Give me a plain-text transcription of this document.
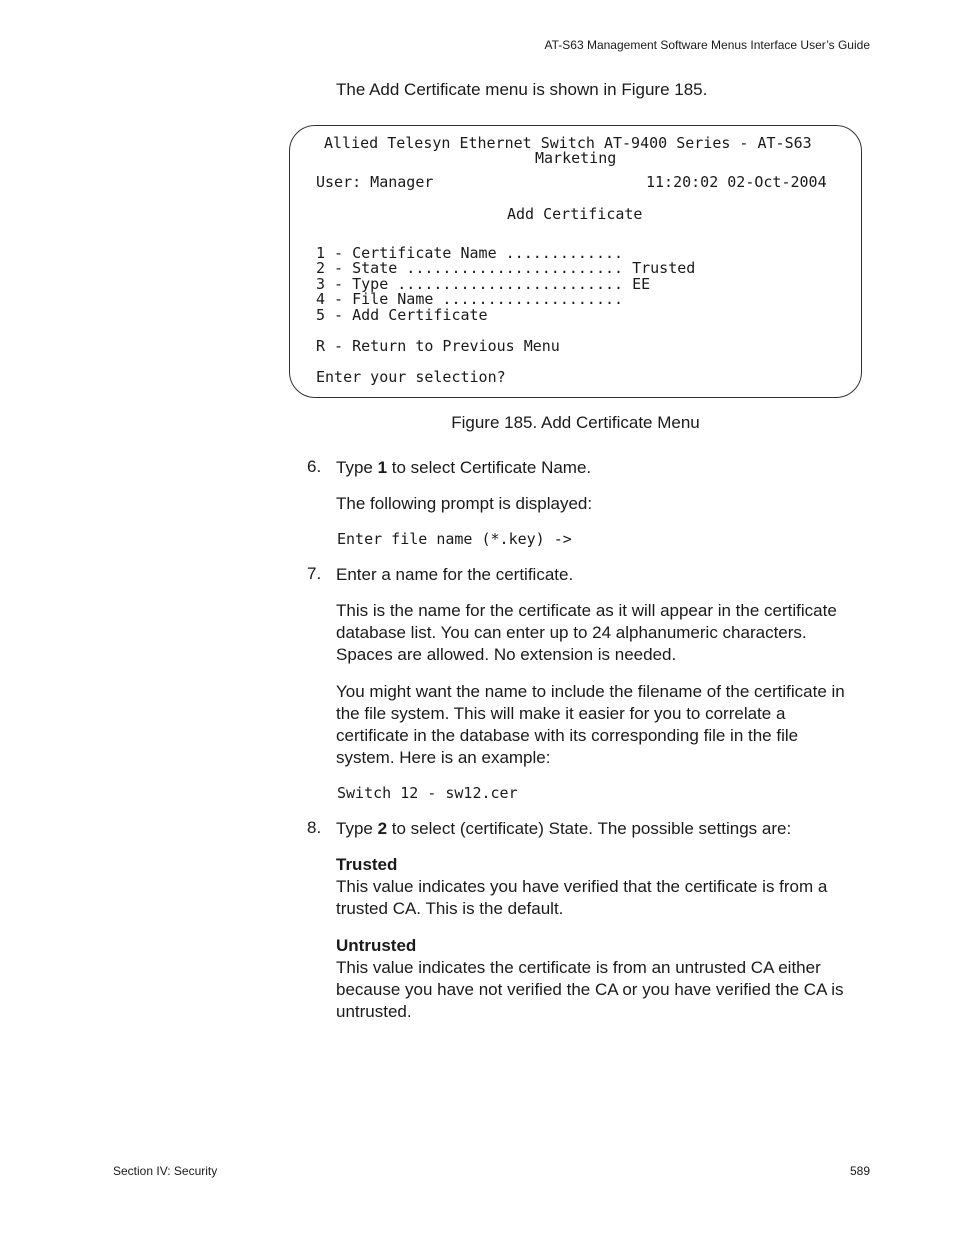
AT-S63 Management Software Menus Interface User’s Guide
The Add Certificate menu is shown in Figure 185.
Allied Telesyn Ethernet Switch AT-9400 Series - AT-S63
Marketing
User: Manager	11:20:02 02-Oct-2004
Add Certificate
1 - Certificate Name .............
2 - State ........................ Trusted
3 - Type ......................... EE
4 - File Name ....................
5 - Add Certificate
R - Return to Previous Menu
Enter your selection?
Figure 185. Add Certificate Menu
6. Type 1 to select Certificate Name.
The following prompt is displayed:
Enter file name (*.key) ->
7. Enter a name for the certificate.
This is the name for the certificate as it will appear in the certificate database list. You can enter up to 24 alphanumeric characters. Spaces are allowed. No extension is needed.
You might want the name to include the filename of the certificate in the file system. This will make it easier for you to correlate a certificate in the database with its corresponding file in the file system. Here is an example:
Switch 12 - sw12.cer
8. Type 2 to select (certificate) State. The possible settings are:
Trusted
This value indicates you have verified that the certificate is from a trusted CA. This is the default.
Untrusted
This value indicates the certificate is from an untrusted CA either because you have not verified the CA or you have verified the CA is untrusted.
Section IV: Security	589
